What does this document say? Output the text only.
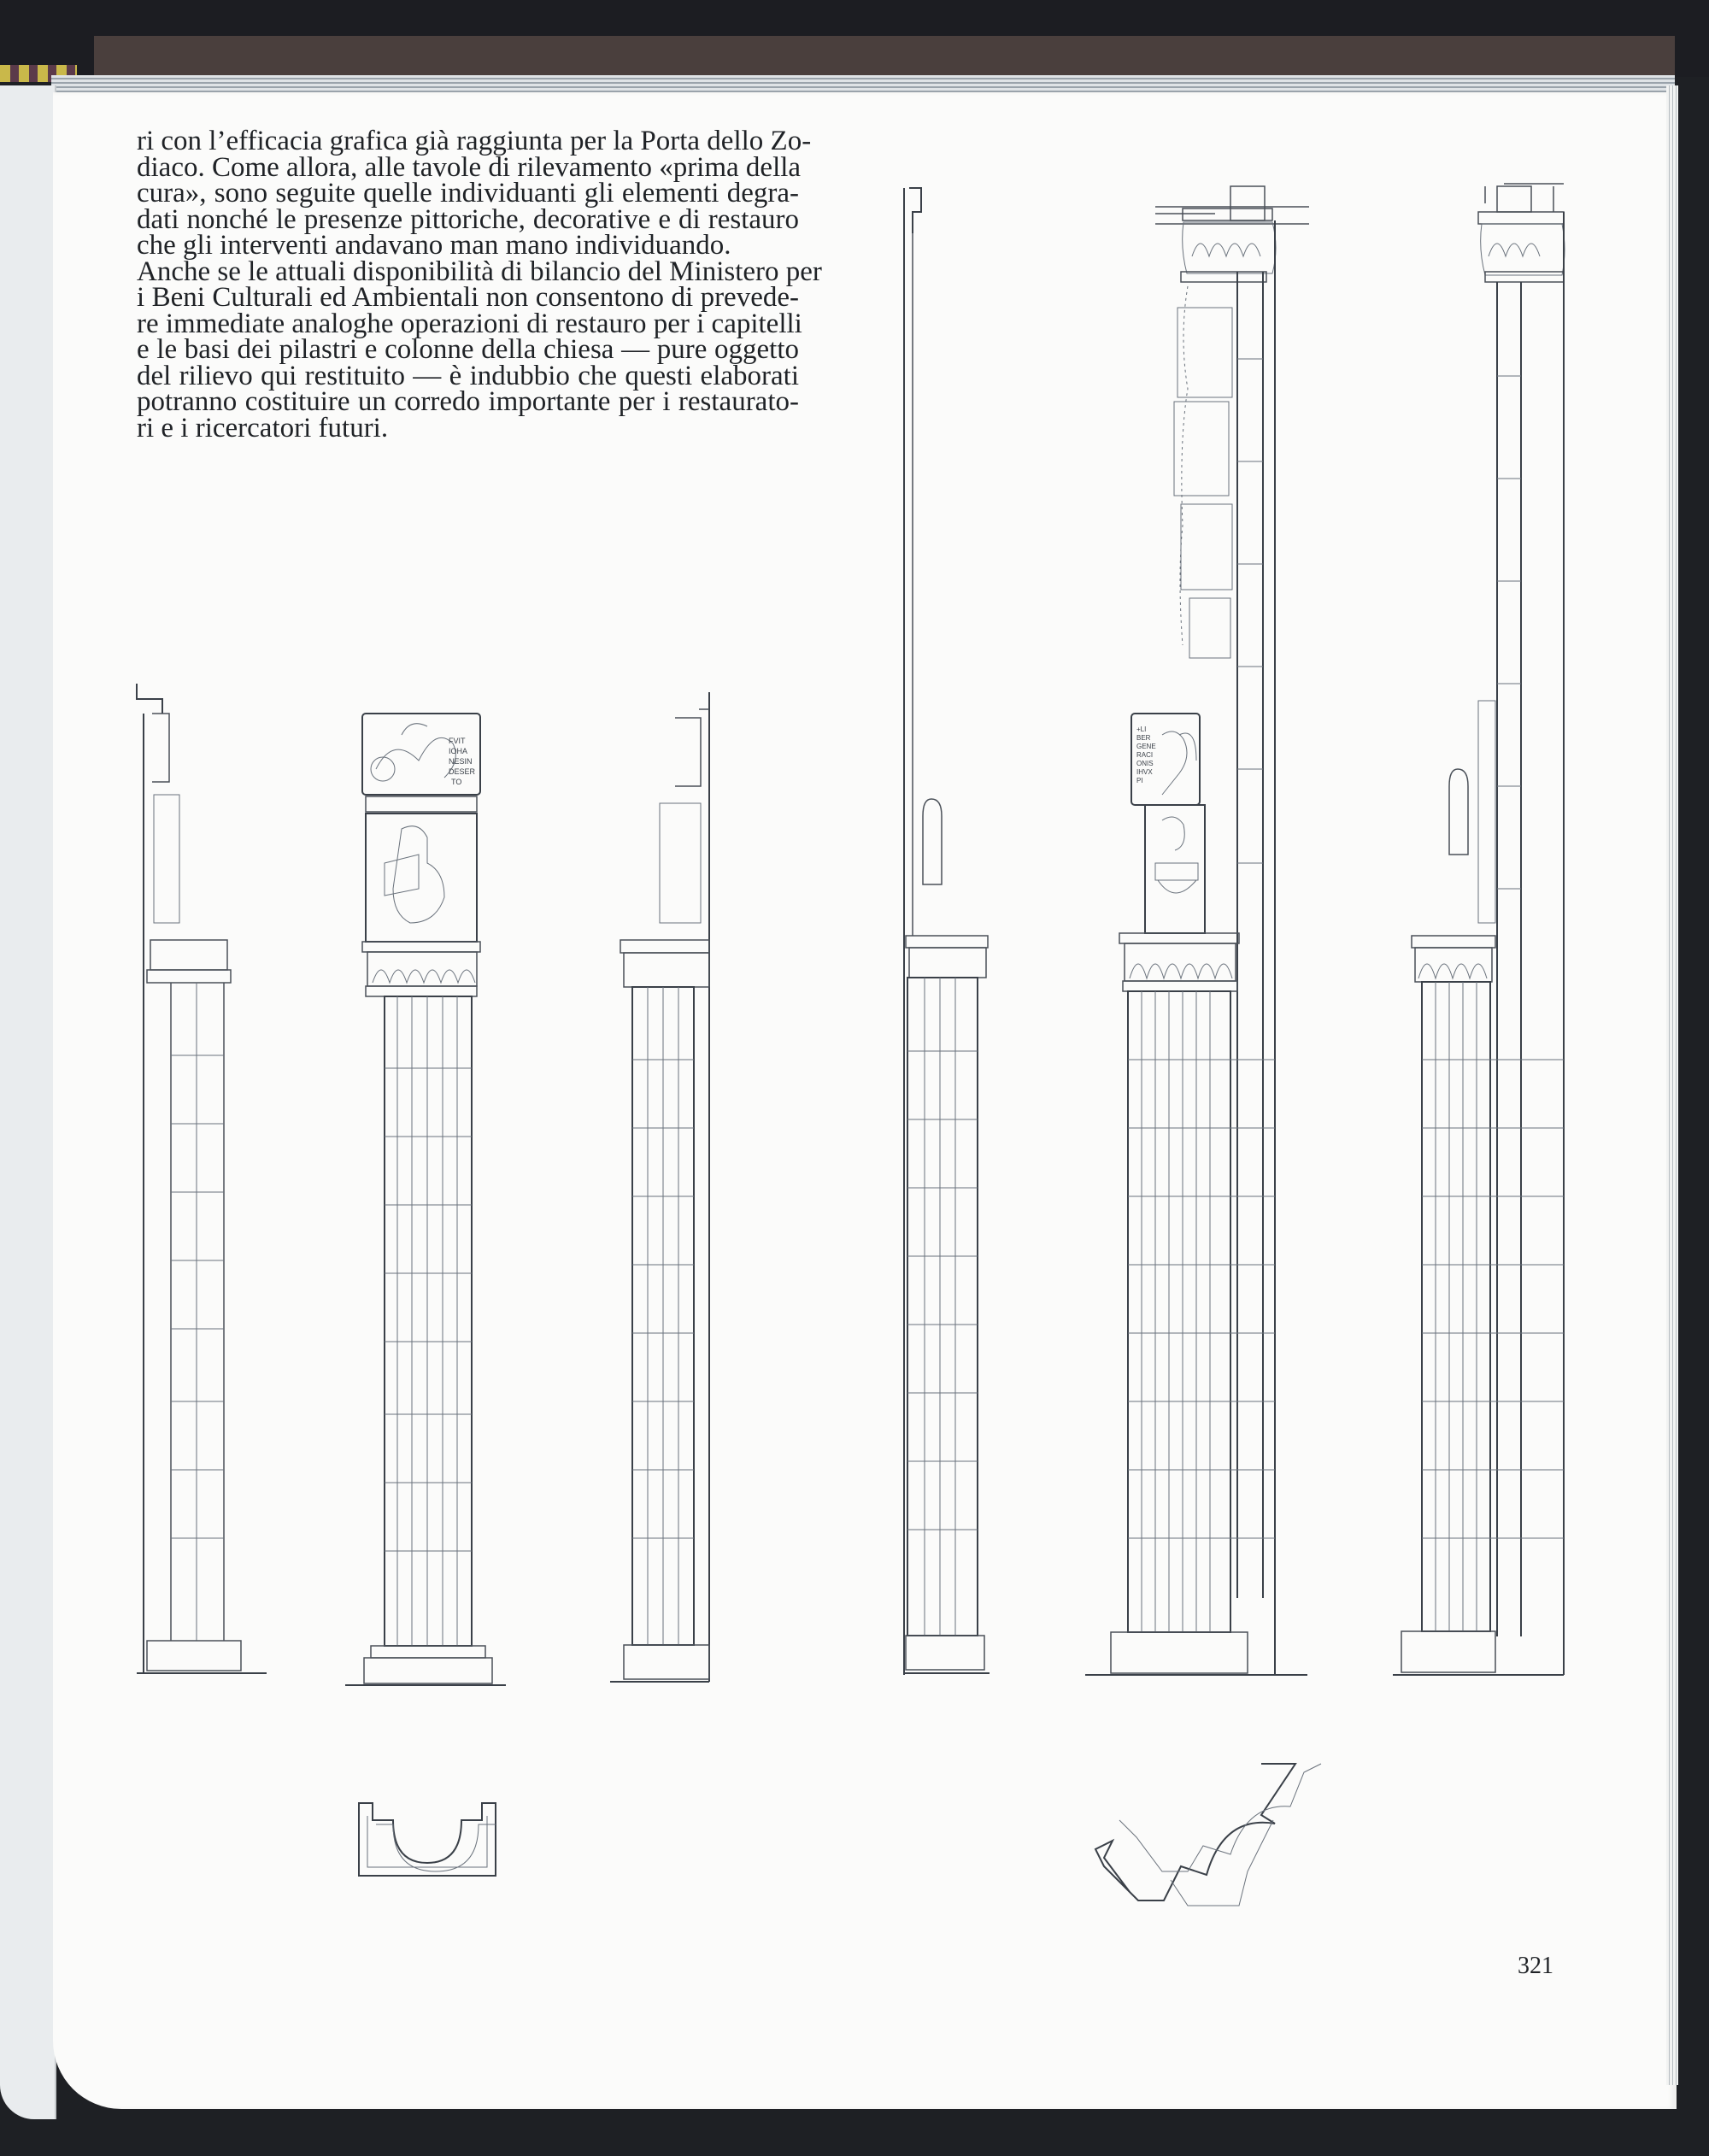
ri con l’efficacia grafica già raggiunta per la Porta dello Zo-
diaco. Come allora, alle tavole di rilevamento «prima della
cura», sono seguite quelle individuanti gli elementi degra-
dati nonché le presenze pittoriche, decorative e di restauro
che gli interventi andavano man mano individuando.

Anche se le attuali disponibilità di bilancio del Ministero per
i Beni Culturali ed Ambientali non consentono di prevede-
re immediate analoghe operazioni di restauro per i capitelli
e le basi dei pilastri e colonne della chiesa — pure oggetto
del rilievo qui restituito — è indubbio che questi elaborati
potranno costituire un corredo importante per i restaurato-
ri e i ricercatori futuri.

FVIT
IOHA
NESIN
DESER
TO
+LI
BER
GENE
RACI
ONIS
IHVX
PI
321
